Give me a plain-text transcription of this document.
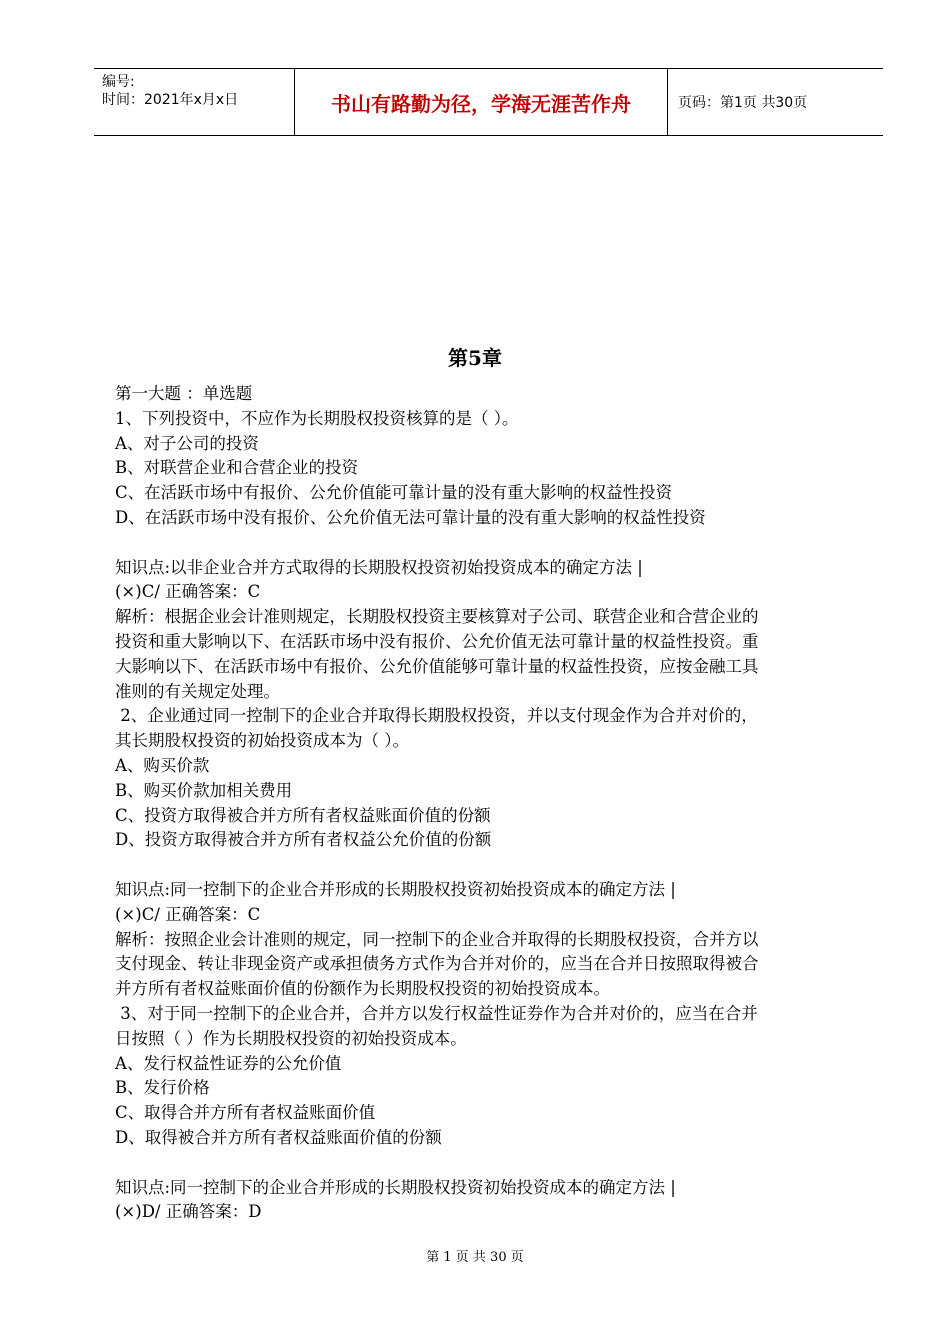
编号:
时间：2021年x月x日	书山有路勤为径，学海无涯苦作舟	页码：第1页 共30页
第5章

第一大题 ：单选题

1、下列投资中，不应作为长期股权投资核算的是（ ）。

A、对子公司的投资

B、对联营企业和合营企业的投资

C、在活跃市场中有报价、公允价值能可靠计量的没有重大影响的权益性投资

D、在活跃市场中没有报价、公允价值无法可靠计量的没有重大影响的权益性投资

知识点:以非企业合并方式取得的长期股权投资初始投资成本的确定方法 |

(×)C/ 正确答案：C

解析：根据企业会计准则规定，长期股权投资主要核算对子公司、联营企业和合营企业的

投资和重大影响以下、在活跃市场中没有报价、公允价值无法可靠计量的权益性投资。重

大影响以下、在活跃市场中有报价、公允价值能够可靠计量的权益性投资，应按金融工具

准则的有关规定处理。

2、企业通过同一控制下的企业合并取得长期股权投资，并以支付现金作为合并对价的，

其长期股权投资的初始投资成本为（ ）。

A、购买价款

B、购买价款加相关费用

C、投资方取得被合并方所有者权益账面价值的份额

D、投资方取得被合并方所有者权益公允价值的份额

知识点:同一控制下的企业合并形成的长期股权投资初始投资成本的确定方法 |

(×)C/ 正确答案：C

解析：按照企业会计准则的规定，同一控制下的企业合并取得的长期股权投资，合并方以

支付现金、转让非现金资产或承担债务方式作为合并对价的，应当在合并日按照取得被合

并方所有者权益账面价值的份额作为长期股权投资的初始投资成本。

3、对于同一控制下的企业合并，合并方以发行权益性证券作为合并对价的，应当在合并

日按照（ ）作为长期股权投资的初始投资成本。

A、发行权益性证券的公允价值

B、发行价格

C、取得合并方所有者权益账面价值

D、取得被合并方所有者权益账面价值的份额

知识点:同一控制下的企业合并形成的长期股权投资初始投资成本的确定方法 |

(×)D/ 正确答案：D

第 1 页 共 30 页
